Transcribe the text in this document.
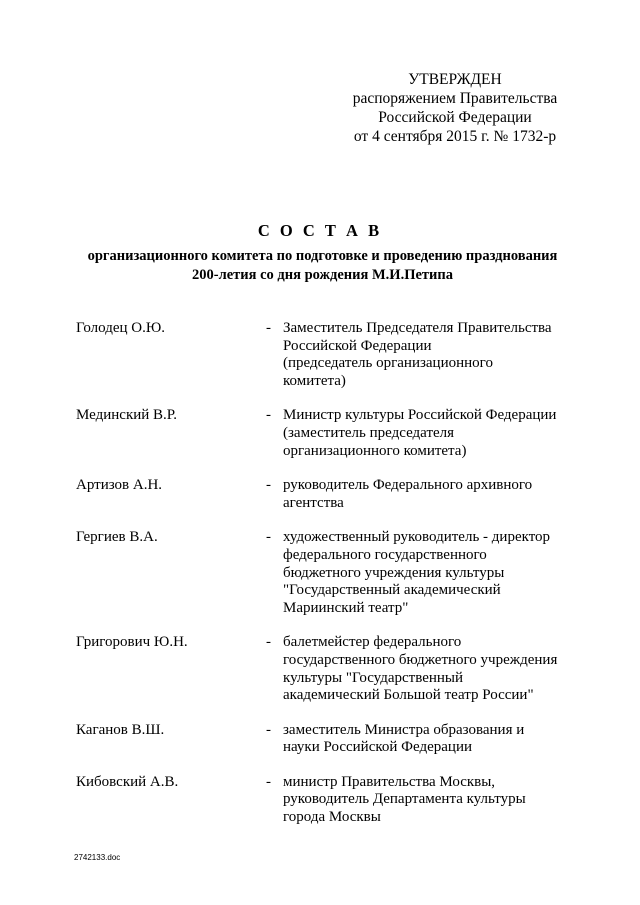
УТВЕРЖДЕН
распоряжением Правительства
Российской Федерации
от 4 сентября 2015 г. № 1732-р
С О С Т А В
организационного комитета по подготовке и проведению празднования 200-летия со дня рождения М.И.Петипа
Голодец О.Ю.	- Заместитель Председателя Правительства
Российской Федерации
(председатель организационного
комитета)
Мединский В.Р.	- Министр культуры Российской Федерации
(заместитель председателя
организационного комитета)
Артизов А.Н.	- руководитель Федерального архивного
агентства
Гергиев В.А.	- художественный руководитель - директор
федерального государственного
бюджетного учреждения культуры
"Государственный академический
Мариинский театр"
Григорович Ю.Н.	- балетмейстер федерального
государственного бюджетного учреждения
культуры "Государственный
академический Большой театр России"
Каганов В.Ш.	- заместитель Министра образования и
науки Российской Федерации
Кибовский А.В.	- министр Правительства Москвы,
руководитель Департамента культуры
города Москвы
2742133.doc
